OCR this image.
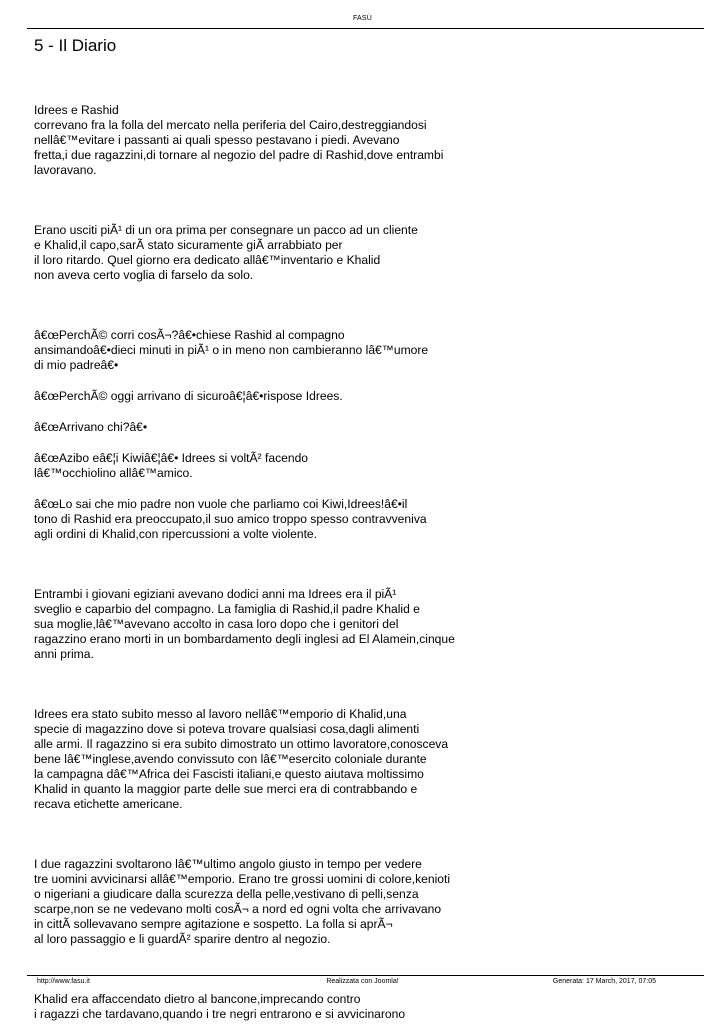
FASÙ
5 - Il Diario

Idrees e Rashid
correvano fra la folla del mercato nella periferia del Cairo,destreggiandosi
nellâ€™evitare i passanti ai quali spesso pestavano i piedi. Avevano
fretta,i due ragazzini,di tornare al negozio del padre di Rashid,dove entrambi
lavoravano.

Erano usciti piÃ¹ di un ora prima per consegnare un pacco ad un cliente
e Khalid,il capo,sarÃ stato sicuramente giÃ arrabbiato per
il loro ritardo. Quel giorno era dedicato allâ€™inventario e Khalid
non aveva certo voglia di farselo da solo.

â€œPerchÃ© corri cosÃ¬?â€•chiese Rashid al compagno
ansimandoâ€•dieci minuti in piÃ¹ o in meno non cambieranno lâ€™umore
di mio padreâ€•

â€œPerchÃ© oggi arrivano di sicuroâ€¦â€•rispose Idrees.

â€œArrivano chi?â€•

â€œAzibo eâ€¦i Kiwiâ€¦â€• Idrees si voltÃ² facendo
lâ€™occhiolino allâ€™amico.

â€œLo sai che mio padre non vuole che parliamo coi Kiwi,Idrees!â€•il
tono di Rashid era preoccupato,il suo amico troppo spesso contravveniva
agli ordini di Khalid,con ripercussioni a volte violente.

Entrambi i giovani egiziani avevano dodici anni ma Idrees era il piÃ¹
sveglio e caparbio del compagno. La famiglia di Rashid,il padre Khalid e
sua moglie,lâ€™avevano accolto in casa loro dopo che i genitori del
ragazzino erano morti in un bombardamento degli inglesi ad El Alamein,cinque
anni prima.

Idrees era stato subito messo al lavoro nellâ€™emporio di Khalid,una
specie di magazzino dove si poteva trovare qualsiasi cosa,dagli alimenti
alle armi. Il ragazzino si era subito dimostrato un ottimo lavoratore,conosceva
bene lâ€™inglese,avendo convissuto con lâ€™esercito coloniale durante
la campagna dâ€™Africa dei Fascisti italiani,e questo aiutava moltissimo
Khalid in quanto la maggior parte delle sue merci era di contrabbando e
recava etichette americane.

I due ragazzini svoltarono lâ€™ultimo angolo giusto in tempo per vedere
tre uomini avvicinarsi allâ€™emporio. Erano tre grossi uomini di colore,kenioti
o nigeriani a giudicare dalla scurezza della pelle,vestivano di pelli,senza
scarpe,non se ne vedevano molti cosÃ¬ a nord ed ogni volta che arrivavano
in cittÃ sollevavano sempre agitazione e sospetto. La folla si aprÃ¬
al loro passaggio e li guardÃ² sparire dentro al negozio.

Khalid era affaccendato dietro al bancone,imprecando contro
i ragazzi che tardavano,quando i tre negri entrarono e si avvicinarono

http://www.fasu.it	Realizzata con Joomla!	Generata: 17 March, 2017, 07:05
